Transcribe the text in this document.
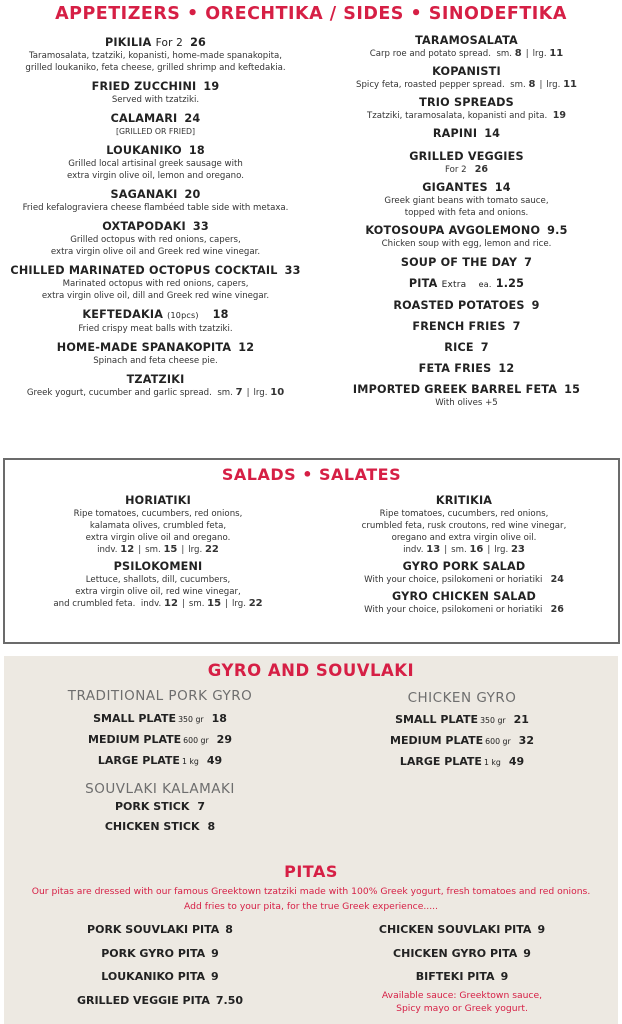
APPETIZERS • ORECHTIKA / SIDES • SINODEFTIKA
PIKILIA For 2 26
Taramosalata, tzatziki, kopanisti, home-made spanakopita,
grilled loukaniko, feta cheese, grilled shrimp and keftedakia.
FRIED ZUCCHINI 19
Served with tzatziki.
CALAMARI 24
[GRILLED OR FRIED]
LOUKANIKO 18
Grilled local artisinal greek sausage with
extra virgin olive oil, lemon and oregano.
SAGANAKI 20
Fried kefalograviera cheese flambéed table side with metaxa.
OXTAPODAKI 33
Grilled octopus with red onions, capers,
extra virgin olive oil and Greek red wine vinegar.
CHILLED MARINATED OCTOPUS COCKTAIL 33
Marinated octopus with red onions, capers,
extra virgin olive oil, dill and Greek red wine vinegar.
KEFTEDAKIA (10pcs) 18
Fried crispy meat balls with tzatziki.
HOME-MADE SPANAKOPITA 12
Spinach and feta cheese pie.
TZATZIKI
Greek yogurt, cucumber and garlic spread. sm. 7 | lrg. 10
TARAMOSALATA
Carp roe and potato spread. sm. 8 | lrg. 11
KOPANISTI
Spicy feta, roasted pepper spread. sm. 8 | lrg. 11
TRIO SPREADS
Tzatziki, taramosalata, kopanisti and pita. 19
RAPINI 14
GRILLED VEGGIES
For 2 26
GIGANTES 14
Greek giant beans with tomato sauce,
topped with feta and onions.
KOTOSOUPA AVGOLEMONO 9.5
Chicken soup with egg, lemon and rice.
SOUP OF THE DAY 7
PITA Extra ea. 1.25
ROASTED POTATOES 9
FRENCH FRIES 7
RICE 7
FETA FRIES 12
IMPORTED GREEK BARREL FETA 15
With olives +5
SALADS • SALATES
HORIATIKI
Ripe tomatoes, cucumbers, red onions,
kalamata olives, crumbled feta,
extra virgin olive oil and oregano.
indv. 12 | sm. 15 | lrg. 22
PSILOKOMENI
Lettuce, shallots, dill, cucumbers,
extra virgin olive oil, red wine vinegar,
and crumbled feta. indv. 12 | sm. 15 | lrg. 22
KRITIKIA
Ripe tomatoes, cucumbers, red onions,
crumbled feta, rusk croutons, red wine vinegar,
oregano and extra virgin olive oil.
indv. 13 | sm. 16 | lrg. 23
GYRO PORK SALAD
With your choice, psilokomeni or horiatiki 24
GYRO CHICKEN SALAD
With your choice, psilokomeni or horiatiki 26
GYRO AND SOUVLAKI
TRADITIONAL PORK GYRO
SMALL PLATE 350 gr 18
MEDIUM PLATE 600 gr 29
LARGE PLATE 1 kg 49
SOUVLAKI KALAMAKI
PORK STICK 7
CHICKEN STICK 8
CHICKEN GYRO
SMALL PLATE 350 gr 21
MEDIUM PLATE 600 gr 32
LARGE PLATE 1 kg 49
PITAS
Our pitas are dressed with our famous Greektown tzatziki made with 100% Greek yogurt, fresh tomatoes and red onions.
Add fries to your pita, for the true Greek experience.....
PORK SOUVLAKI PITA 8
PORK GYRO PITA 9
LOUKANIKO PITA 9
GRILLED VEGGIE PITA 7.50
CHICKEN SOUVLAKI PITA 9
CHICKEN GYRO PITA 9
BIFTEKI PITA 9
Available sauce: Greektown sauce,
Spicy mayo or Greek yogurt.
